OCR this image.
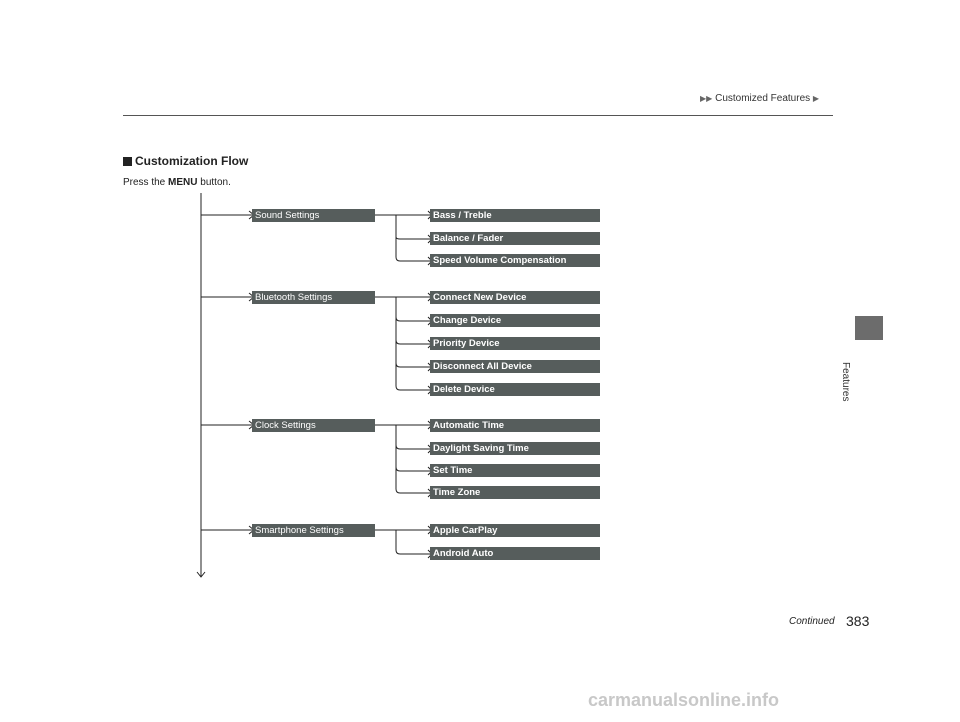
▶▶ Customized Features ▶
Features
Customization Flow
Press the MENU button.
Sound Settings
Bluetooth Settings
Clock Settings
Smartphone Settings
Bass / Treble
Balance / Fader
Speed Volume Compensation
Connect New Device
Change Device
Priority Device
Disconnect All Device
Delete Device
Automatic Time
Daylight Saving Time
Set Time
Time Zone
Apple CarPlay
Android Auto
Continued 383
carmanualsonline.info
